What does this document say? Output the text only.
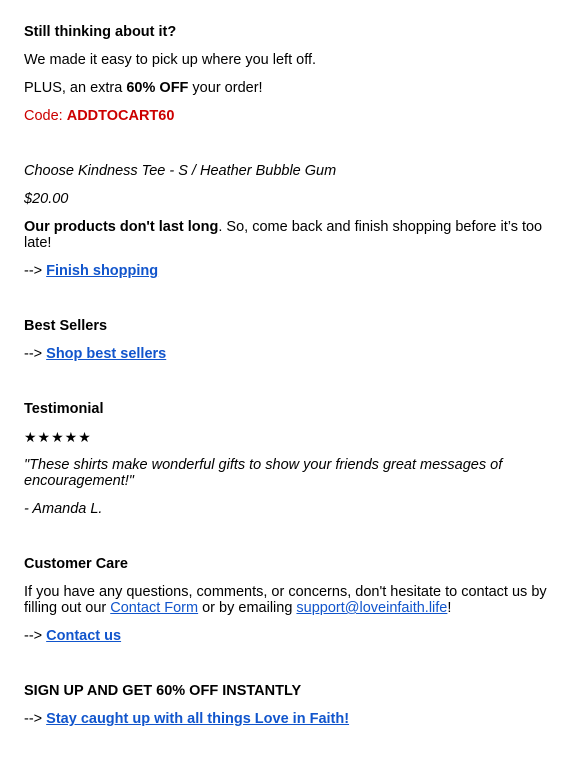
Still thinking about it?

We made it easy to pick up where you left off.

PLUS, an extra 60% OFF your order!

Code: ADDTOCART60

Choose Kindness Tee - S / Heather Bubble Gum

$20.00

Our products don't last long. So, come back and finish shopping before it’s too late!

--> Finish shopping

Best Sellers

--> Shop best sellers

Testimonial

★★★★★

"These shirts make wonderful gifts to show your friends great messages of encouragement!"

- Amanda L.

Customer Care

If you have any questions, comments, or concerns, don't hesitate to contact us by filling out our Contact Form or by emailing support@loveinfaith.life!

--> Contact us

SIGN UP AND GET 60% OFF INSTANTLY

--> Stay caught up with all things Love in Faith!
